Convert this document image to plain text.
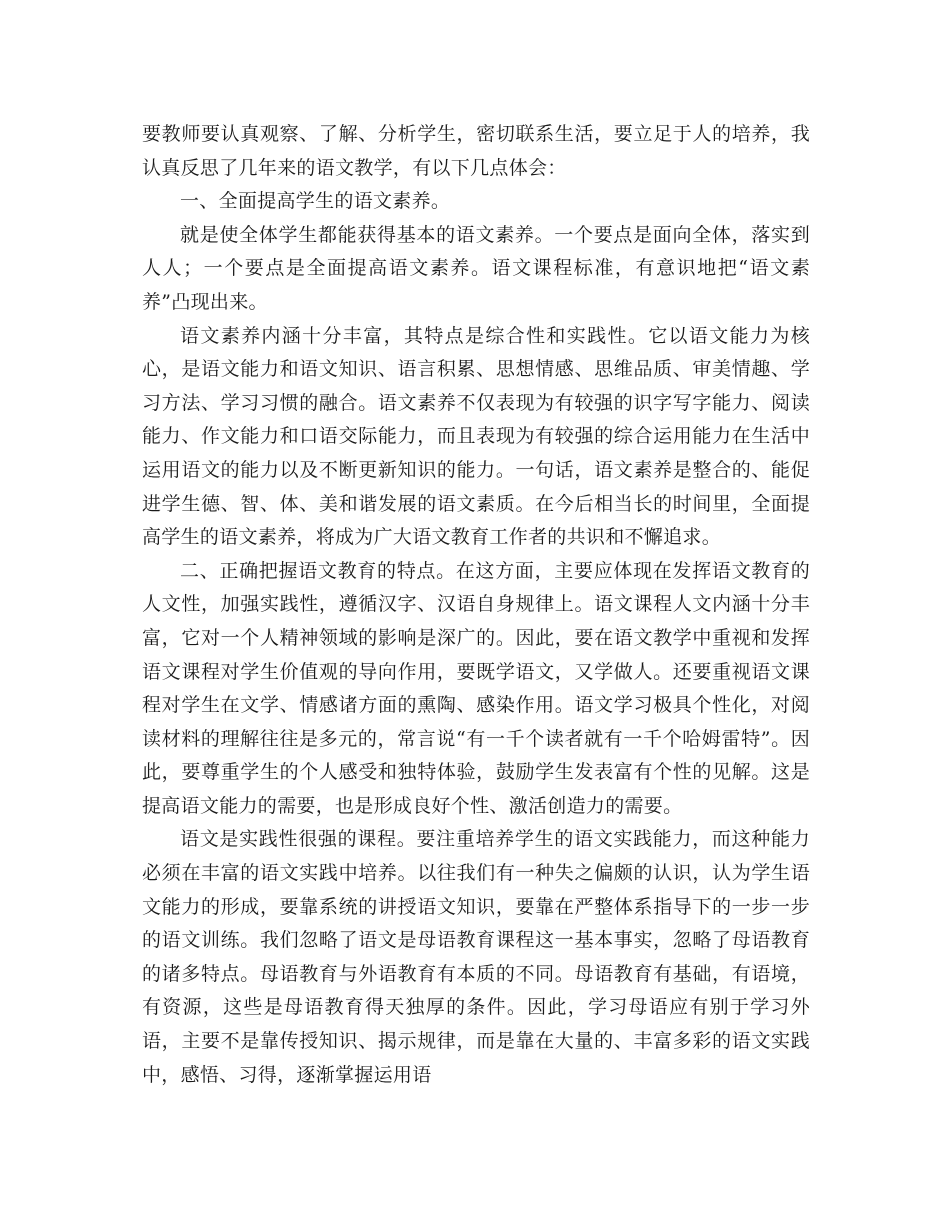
要教师要认真观察、了解、分析学生，密切联系生活，要立足于人的培养，我认真反思了几年来的语文教学，有以下几点体会：

一、全面提高学生的语文素养。

就是使全体学生都能获得基本的语文素养。一个要点是面向全体，落实到人人；一个要点是全面提高语文素养。语文课程标准，有意识地把“语文素养”凸现出来。

语文素养内涵十分丰富，其特点是综合性和实践性。它以语文能力为核心，是语文能力和语文知识、语言积累、思想情感、思维品质、审美情趣、学习方法、学习习惯的融合。语文素养不仅表现为有较强的识字写字能力、阅读能力、作文能力和口语交际能力，而且表现为有较强的综合运用能力在生活中运用语文的能力以及不断更新知识的能力。一句话，语文素养是整合的、能促进学生德、智、体、美和谐发展的语文素质。在今后相当长的时间里，全面提高学生的语文素养，将成为广大语文教育工作者的共识和不懈追求。

二、正确把握语文教育的特点。在这方面，主要应体现在发挥语文教育的人文性，加强实践性，遵循汉字、汉语自身规律上。语文课程人文内涵十分丰富，它对一个人精神领域的影响是深广的。因此，要在语文教学中重视和发挥语文课程对学生价值观的导向作用，要既学语文，又学做人。还要重视语文课程对学生在文学、情感诸方面的熏陶、感染作用。语文学习极具个性化，对阅读材料的理解往往是多元的，常言说“有一千个读者就有一千个哈姆雷特”。因此，要尊重学生的个人感受和独特体验，鼓励学生发表富有个性的见解。这是提高语文能力的需要，也是形成良好个性、激活创造力的需要。

语文是实践性很强的课程。要注重培养学生的语文实践能力，而这种能力必须在丰富的语文实践中培养。以往我们有一种失之偏颇的认识，认为学生语文能力的形成，要靠系统的讲授语文知识，要靠在严整体系指导下的一步一步的语文训练。我们忽略了语文是母语教育课程这一基本事实，忽略了母语教育的诸多特点。母语教育与外语教育有本质的不同。母语教育有基础，有语境，有资源，这些是母语教育得天独厚的条件。因此，学习母语应有别于学习外语，主要不是靠传授知识、揭示规律，而是靠在大量的、丰富多彩的语文实践中，感悟、习得，逐渐掌握运用语
